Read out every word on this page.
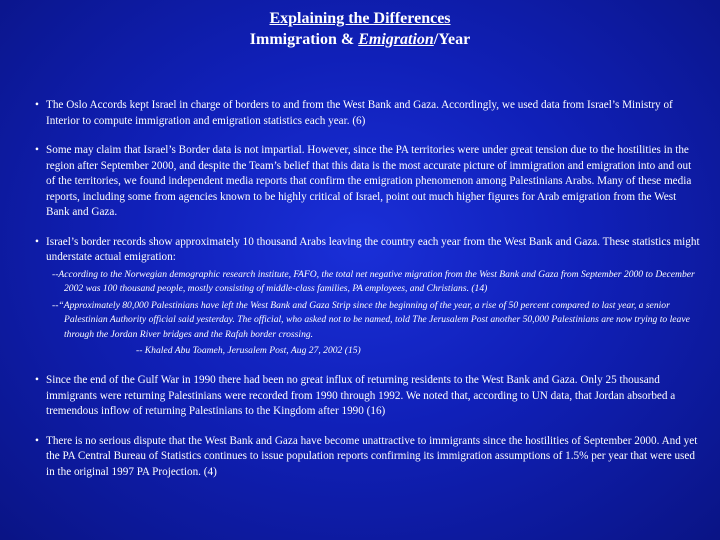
Explaining the Differences
Immigration & Emigration/Year

• The Oslo Accords kept Israel in charge of borders to and from the West Bank and Gaza. Accordingly, we used data from Israel’s Ministry of Interior to compute immigration and emigration statistics each year. (6)

• Some may claim that Israel’s Border data is not impartial. However, since the PA territories were under great tension due to the hostilities in the region after September 2000, and despite the Team’s belief that this data is the most accurate picture of immigration and emigration into and out of the territories, we found independent media reports that confirm the emigration phenomenon among Palestinians Arabs. Many of these media reports, including some from agencies known to be highly critical of Israel, point out much higher figures for Arab emigration from the West Bank and Gaza.

• Israel’s border records show approximately 10 thousand Arabs leaving the country each year from the West Bank and Gaza. These statistics might understate actual emigration:

--According to the Norwegian demographic research institute, FAFO, the total net negative migration from the West Bank and Gaza from September 2000 to December 2002 was 100 thousand people, mostly consisting of middle-class families, PA employees, and Christians. (14)

--“Approximately 80,000 Palestinians have left the West Bank and Gaza Strip since the beginning of the year, a rise of 50 percent compared to last year, a senior Palestinian Authority official said yesterday. The official, who asked not to be named, told The Jerusalem Post another 50,000 Palestinians are now trying to leave through the Jordan River bridges and the Rafah border crossing.

-- Khaled Abu Toameh, Jerusalem Post, Aug 27, 2002 (15)

• Since the end of the Gulf War in 1990 there had been no great influx of returning residents to the West Bank and Gaza. Only 25 thousand immigrants were returning Palestinians were recorded from 1990 through 1992. We noted that, according to UN data, that Jordan absorbed a tremendous inflow of returning Palestinians to the Kingdom after 1990 (16)

• There is no serious dispute that the West Bank and Gaza have become unattractive to immigrants since the hostilities of September 2000. And yet the PA Central Bureau of Statistics continues to issue population reports confirming its immigration assumptions of 1.5% per year that were used in the original 1997 PA Projection. (4)
